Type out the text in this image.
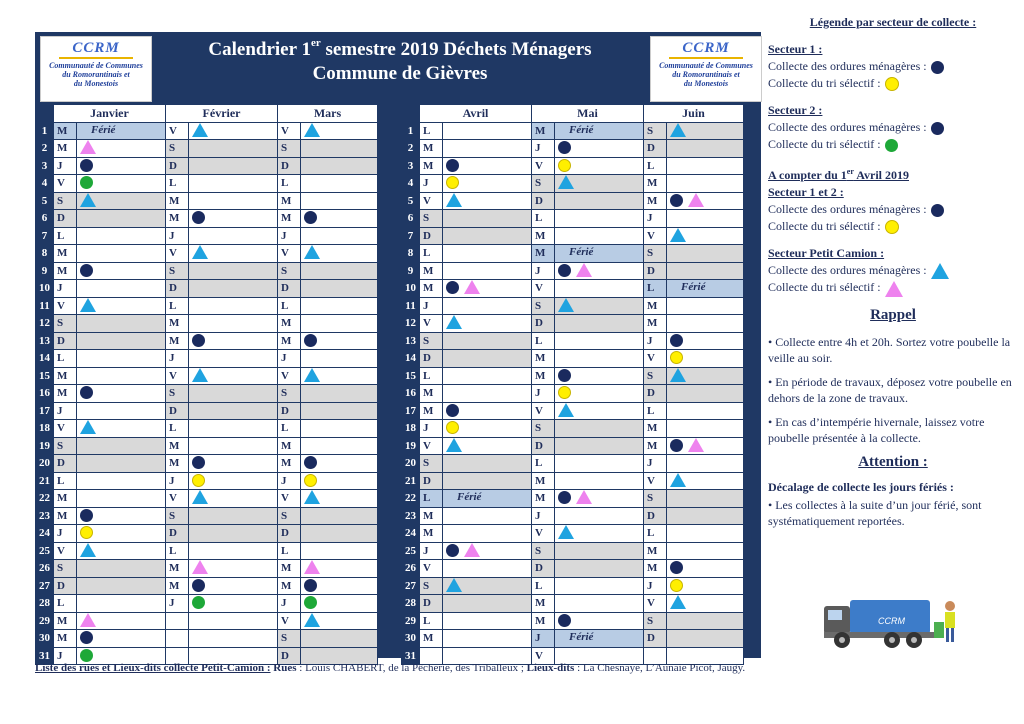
CCRM
Communauté de Communes
du Romorantinais et
du Monestois
CCRM
Communauté de Communes
du Romorantinais et
du Monestois
Calendrier 1er semestre 2019 Déchets Ménagers
Commune de Gièvres
	Janvier		Février		Mars	
1	M	Férié	V		V	

2	M		S		S	
3	J		D		D	
4	V		L		L	
5	S		M		M	
6	D		M		M	

7	L		J		J	
8	M		V		V	

9	M		S		S	
10	J		D		D	
11	V		L		L	
12	S		M		M	
13	D		M		M	

14	L		J		J	
15	M		V		V	

16	M		S		S	
17	J		D		D	
18	V		L		L	
19	S		M		M	
20	D		M		M	

21	L		J		J	

22	M		V		V	

23	M		S		S	
24	J		D		D	
25	V		L		L	
26	S		M		M	

27	D		M		M	

28	L		J		J	

29	M				V	

30	M				S	
31	J				D	
	Avril		Mai		Juin	
1	L		M	Férié	S	

2	M		J		D	
3	M		V		L	
4	J		S		M	
5	V		D		M	

6	S		L		J	
7	D		M		V	

8	L		M	Férié	S	
9	M		J		D	
10	M		V		L	Férié

11	J		S		M	
12	V		D		M	
13	S		L		J	

14	D		M		V	

15	L		M		S	

16	M		J		D	
17	M		V		L	
18	J		S		M	
19	V		D		M	

20	S		L		J	
21	D		M		V	

22	L	Férié	M		S	
23	M		J		D	
24	M		V		L	
25	J		S		M	
26	V		D		M	

27	S		L		J	

28	D		M		V	

29	L		M		S	
30	M		J	Férié	D	
31			V			
Légende par secteur de collecte :
Secteur 1 :
Collecte des ordures ménagères :
Collecte du tri sélectif :
Secteur 2 :
Collecte des ordures ménagères :
Collecte du tri sélectif :
A compter du 1er Avril 2019
Secteur 1 et 2 :
Collecte des ordures ménagères :
Collecte du tri sélectif :
Secteur Petit Camion :
Collecte des ordures ménagères :
Collecte du tri sélectif :
Rappel
• Collecte entre 4h et 20h. Sortez votre poubelle la veille au soir.
• En période de travaux, déposez votre poubelle en dehors de la zone de travaux.
• En cas d’intempérie hivernale, laissez votre poubelle présentée à la collecte.
Attention :
Décalage de collecte les jours fériés :
• Les collectes à la suite d’un jour férié, sont systématiquement reportées.
CCRM
Liste des rues et Lieux-dits collecte Petit-Camion : Rues : Louis CHABERT, de la Pêcherie, des Triballeux ; Lieux-dits : La Chesnaye, L’Aunaie Picot, Jaugy.
